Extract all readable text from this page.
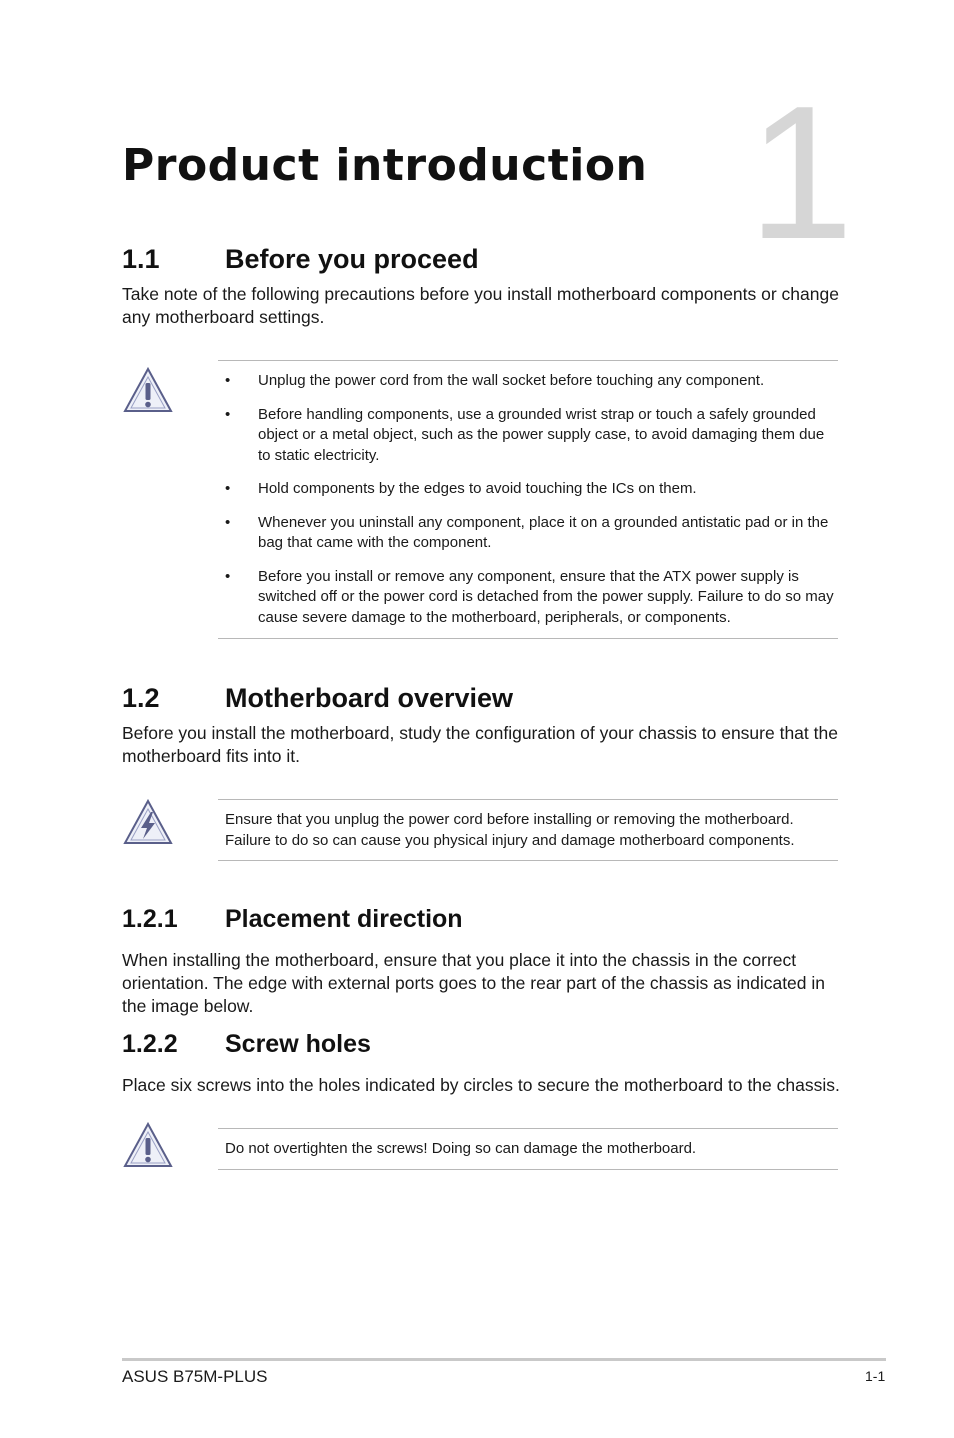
1
Product introduction
1.1 Before you proceed

Take note of the following precautions before you install motherboard components or change any motherboard settings.

• Unplug the power cord from the wall socket before touching any component.
• Before handling components, use a grounded wrist strap or touch a safely grounded object or a metal object, such as the power supply case, to avoid damaging them due to static electricity.
• Hold components by the edges to avoid touching the ICs on them.
• Whenever you uninstall any component, place it on a grounded antistatic pad or in the bag that came with the component.
• Before you install or remove any component, ensure that the ATX power supply is switched off or the power cord is detached from the power supply. Failure to do so may cause severe damage to the motherboard, peripherals, or components.
1.2 Motherboard overview

Before you install the motherboard, study the configuration of your chassis to ensure that the motherboard fits into it.

Ensure that you unplug the power cord before installing or removing the motherboard. Failure to do so can cause you physical injury and damage motherboard components.

1.2.1 Placement direction

When installing the motherboard, ensure that you place it into the chassis in the correct orientation. The edge with external ports goes to the rear part of the chassis as indicated in the image below.

1.2.2 Screw holes

Place six screws into the holes indicated by circles to secure the motherboard to the chassis.

Do not overtighten the screws! Doing so can damage the motherboard.

ASUS B75M-PLUS	1-1
